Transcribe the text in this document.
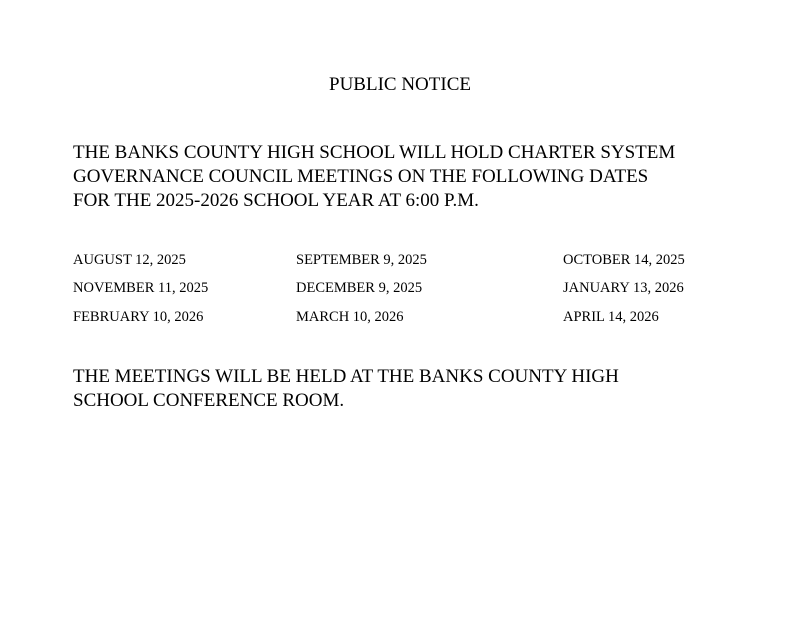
PUBLIC NOTICE
THE BANKS COUNTY HIGH SCHOOL WILL HOLD CHARTER SYSTEM
GOVERNANCE COUNCIL MEETINGS ON THE FOLLOWING DATES
FOR THE 2025-2026 SCHOOL YEAR AT 6:00 P.M.
AUGUST 12, 2025	SEPTEMBER 9, 2025	OCTOBER 14, 2025
NOVEMBER 11, 2025	DECEMBER 9, 2025	JANUARY 13, 2026
FEBRUARY 10, 2026	MARCH 10, 2026	APRIL 14, 2026
THE MEETINGS WILL BE HELD AT THE BANKS COUNTY HIGH
SCHOOL CONFERENCE ROOM.
